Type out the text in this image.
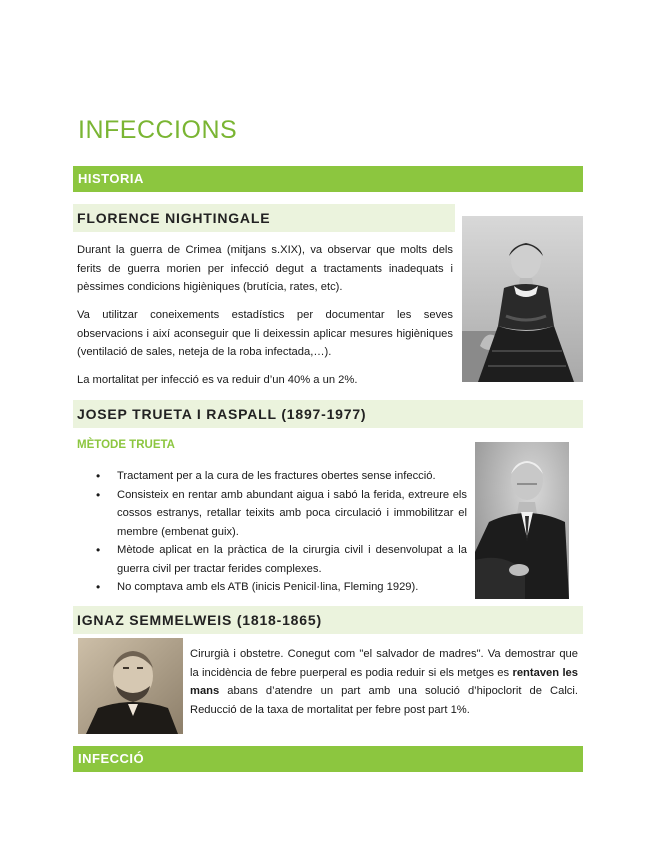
INFECCIONS
HISTORIA
FLORENCE NIGHTINGALE
Durant la guerra de Crimea (mitjans s.XIX), va observar que molts dels ferits de guerra morien per infecció degut a tractaments inadequats i pèssimes condicions higièniques (brutícia, rates, etc).
Va utilitzar coneixements estadístics per documentar les seves observacions i així aconseguir que li deixessin aplicar mesures higièniques (ventilació de sales, neteja de la roba infectada,…).
La mortalitat per infecció es va reduir d’un 40% a un 2%.
JOSEP TRUETA I RASPALL (1897-1977)
MÈTODE TRUETA
• Tractament per a la cura de les fractures obertes sense infecció.
• Consisteix en rentar amb abundant aigua i sabó la ferida, extreure els cossos estranys, retallar teixits amb poca circulació i immobilitzar el membre (embenat guix).
• Mètode aplicat en la pràctica de la cirurgia civil i desenvolupat a la guerra civil per tractar ferides complexes.
• No comptava amb els ATB (inicis Penicil·lina, Fleming 1929).
IGNAZ SEMMELWEIS (1818-1865)
Cirurgià i obstetre. Conegut com "el salvador de madres". Va demostrar que la incidència de febre puerperal es podia reduir si els metges es rentaven les mans abans d’atendre un part amb una solució d’hipoclorit de Calci. Reducció de la taxa de mortalitat per febre post part 1%.
INFECCIÓ
